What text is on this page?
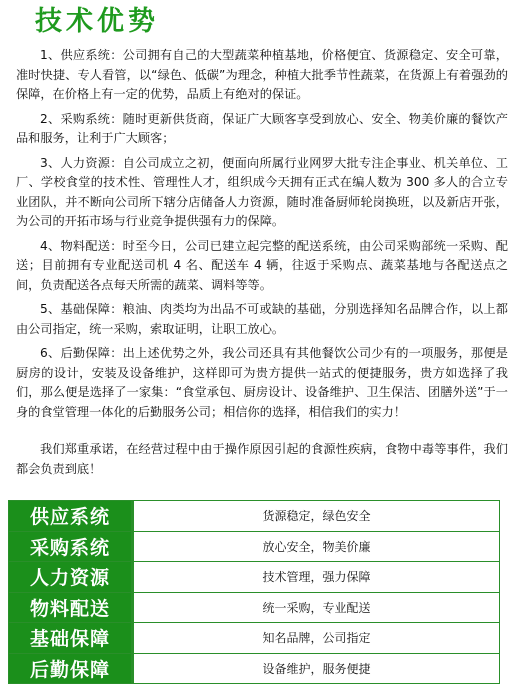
技术优势

1、供应系统：公司拥有自己的大型蔬菜种植基地，价格便宜、货源稳定、安全可靠，准时快捷、专人看管，以“绿色、低碳”为理念，种植大批季节性蔬菜，在货源上有着强劲的保障，在价格上有一定的优势，品质上有绝对的保证。

2、采购系统：随时更新供货商，保证广大顾客享受到放心、安全、物美价廉的餐饮产品和服务，让利于广大顾客；

3、人力资源：自公司成立之初，便面向所属行业网罗大批专注企事业、机关单位、工厂、学校食堂的技术性、管理性人才，组织成今天拥有正式在编人数为 300 多人的合立专业团队，并不断向公司所下辖分店储备人力资源，随时准备厨师轮岗换班，以及新店开张，为公司的开拓市场与行业竞争提供强有力的保障。

4、物料配送：时至今日，公司已建立起完整的配送系统，由公司采购部统一采购、配送；目前拥有专业配送司机 4 名、配送车 4 辆，往返于采购点、蔬菜基地与各配送点之间，负责配送各点每天所需的蔬菜、调料等等。

5、基础保障：粮油、肉类均为出品不可或缺的基础，分别选择知名品牌合作，以上都由公司指定，统一采购，索取证明，让职工放心。

6、后勤保障：出上述优势之外，我公司还具有其他餐饮公司少有的一项服务，那便是厨房的设计，安装及设备维护，这样即可为贵方提供一站式的便捷服务，贵方如选择了我们，那么便是选择了一家集：“食堂承包、厨房设计、设备维护、卫生保洁、团膳外送”于一身的食堂管理一体化的后勤服务公司；相信你的选择，相信我们的实力！

我们郑重承诺，在经营过程中由于操作原因引起的食源性疾病，食物中毒等事件，我们都会负责到底！

供应系统	货源稳定，绿色安全
采购系统	放心安全，物美价廉
人力资源	技术管理，强力保障
物料配送	统一采购，专业配送
基础保障	知名品牌，公司指定
后勤保障	设备维护，服务便捷
